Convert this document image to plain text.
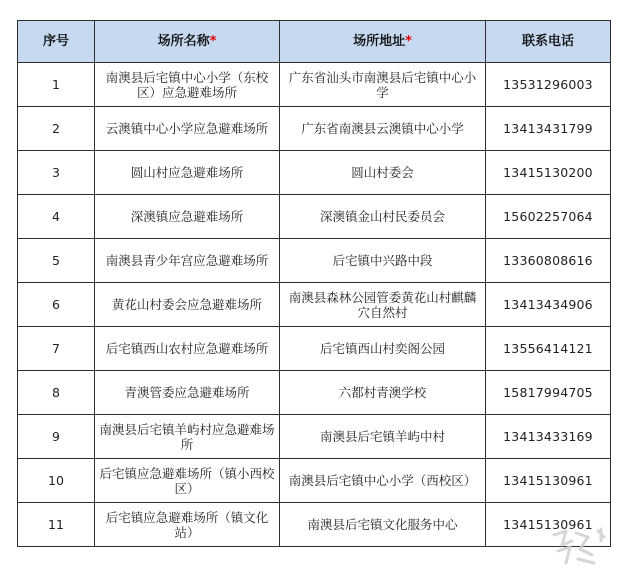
序号	场所名称*	场所地址*	联系电话
1	南澳县后宅镇中心小学（东校区）应急避难场所	广东省汕头市南澳县后宅镇中心小学	13531296003
2	云澳镇中心小学应急避难场所	广东省南澳县云澳镇中心小学	13413431799
3	圆山村应急避难场所	圆山村委会	13415130200
4	深澳镇应急避难场所	深澳镇金山村民委员会	15602257064
5	南澳县青少年宫应急避难场所	后宅镇中兴路中段	13360808616
6	黄花山村委会应急避难场所	南澳县森林公园管委黄花山村麒麟穴自然村	13413434906
7	后宅镇西山农村应急避难场所	后宅镇西山村奕阁公园	13556414121
8	青澳管委应急避难场所	六都村青澳学校	15817994705
9	南澳县后宅镇羊屿村应急避难场所	南澳县后宅镇羊屿中村	13413433169
10	后宅镇应急避难场所（镇小西校区）	南澳县后宅镇中心小学（西校区）	13415130961
11	后宅镇应急避难场所（镇文化站）	南澳县后宅镇文化服务中心	13415130961
